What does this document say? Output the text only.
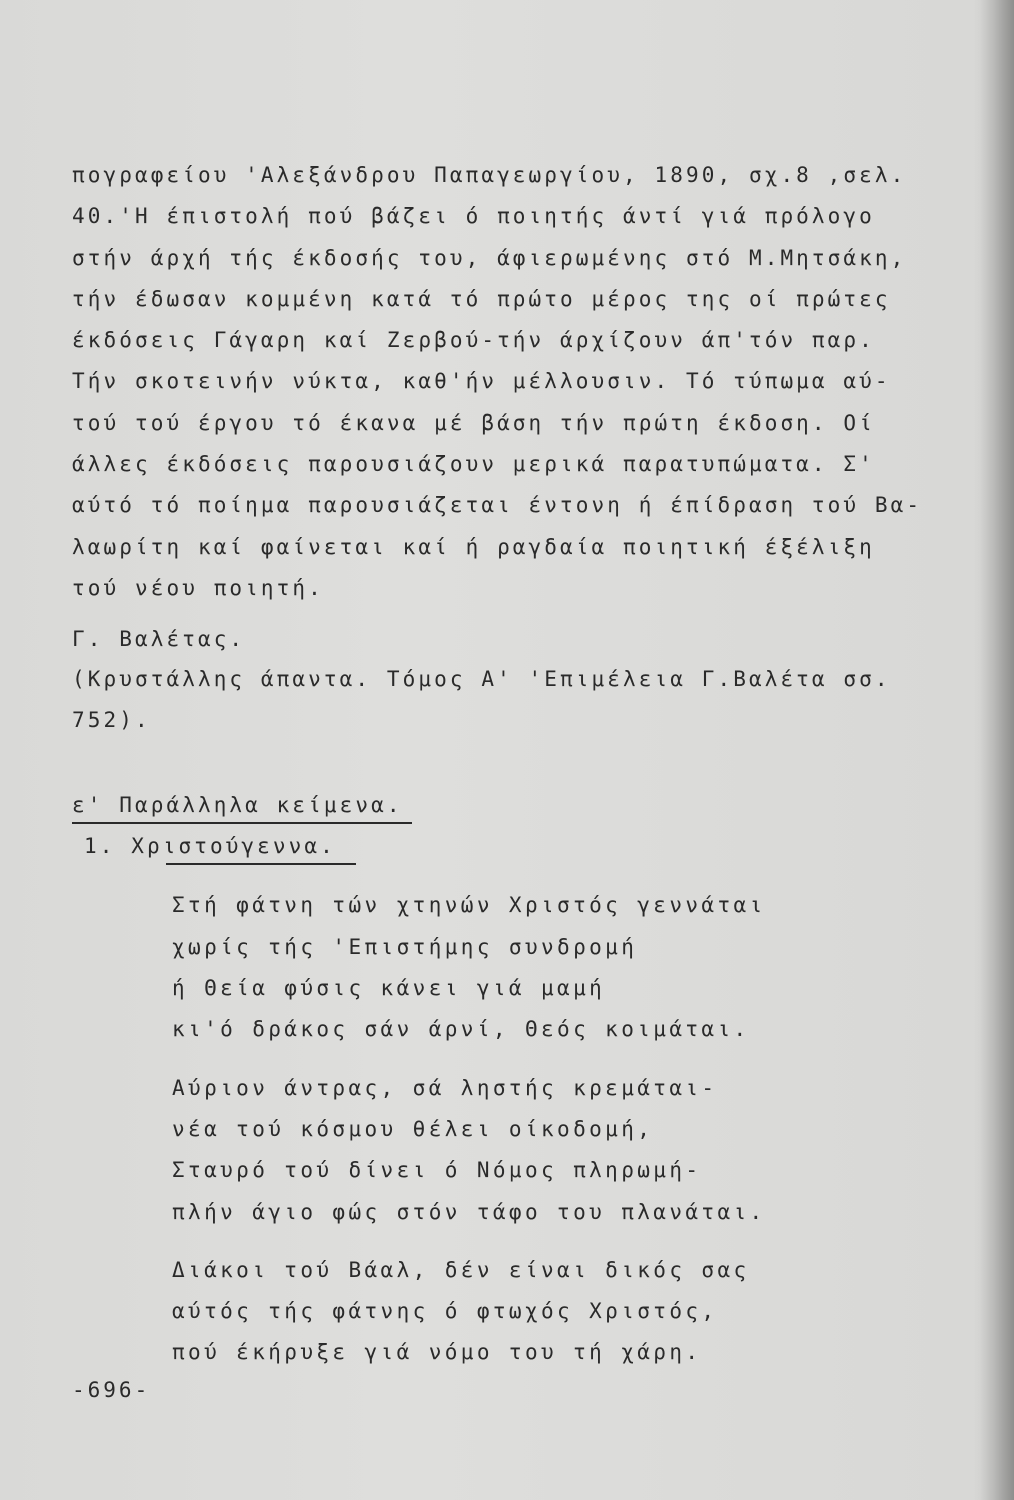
πογραφείου 'Αλεξάνδρου Παπαγεωργίου, 1890, σχ.8 ,σελ.
40.'Η έπιστολή πού βάζει ό ποιητής άντί γιά πρόλογο
στήν άρχή τής έκδοσής του, άφιερωμένης στό Μ.Μητσάκη,
τήν έδωσαν κομμένη κατά τό πρώτο μέρος της οί πρώτες
έκδόσεις Γάγαρη καί Ζερβού-τήν άρχίζουν άπ'τόν παρ.
Τήν σκοτεινήν νύκτα, καθ'ήν μέλλουσιν. Τό τύπωμα αύ-
τού τού έργου τό έκανα μέ βάση τήν πρώτη έκδοση. Οί
άλλες έκδόσεις παρουσιάζουν μερικά παρατυπώματα. Σ'
αύτό τό ποίημα παρουσιάζεται έντονη ή έπίδραση τού Βα-
λαωρίτη καί φαίνεται καί ή ραγδαία ποιητική έξέλιξη
τού νέου ποιητή.
Γ. Βαλέτας.
(Κρυστάλλης άπαντα. Τόμος Α' 'Επιμέλεια Γ.Βαλέτα σσ.
752).
ε' Παράλληλα κείμενα.
1. Χριστούγεννα.
Στή φάτνη τών χτηνών Χριστός γεννάται
χωρίς τής 'Επιστήμης συνδρομή
ή Θεία φύσις κάνει γιά μαμή
κι'ό δράκος σάν άρνί, Θεός κοιμάται.
Αύριον άντρας, σά ληστής κρεμάται-
νέα τού κόσμου θέλει οίκοδομή,
Σταυρό τού δίνει ό Νόμος πληρωμή-
πλήν άγιο φώς στόν τάφο του πλανάται.
Διάκοι τού Βάαλ, δέν είναι δικός σας
αύτός τής φάτνης ό φτωχός Χριστός,
πού έκήρυξε γιά νόμο του τή χάρη.
-696-
